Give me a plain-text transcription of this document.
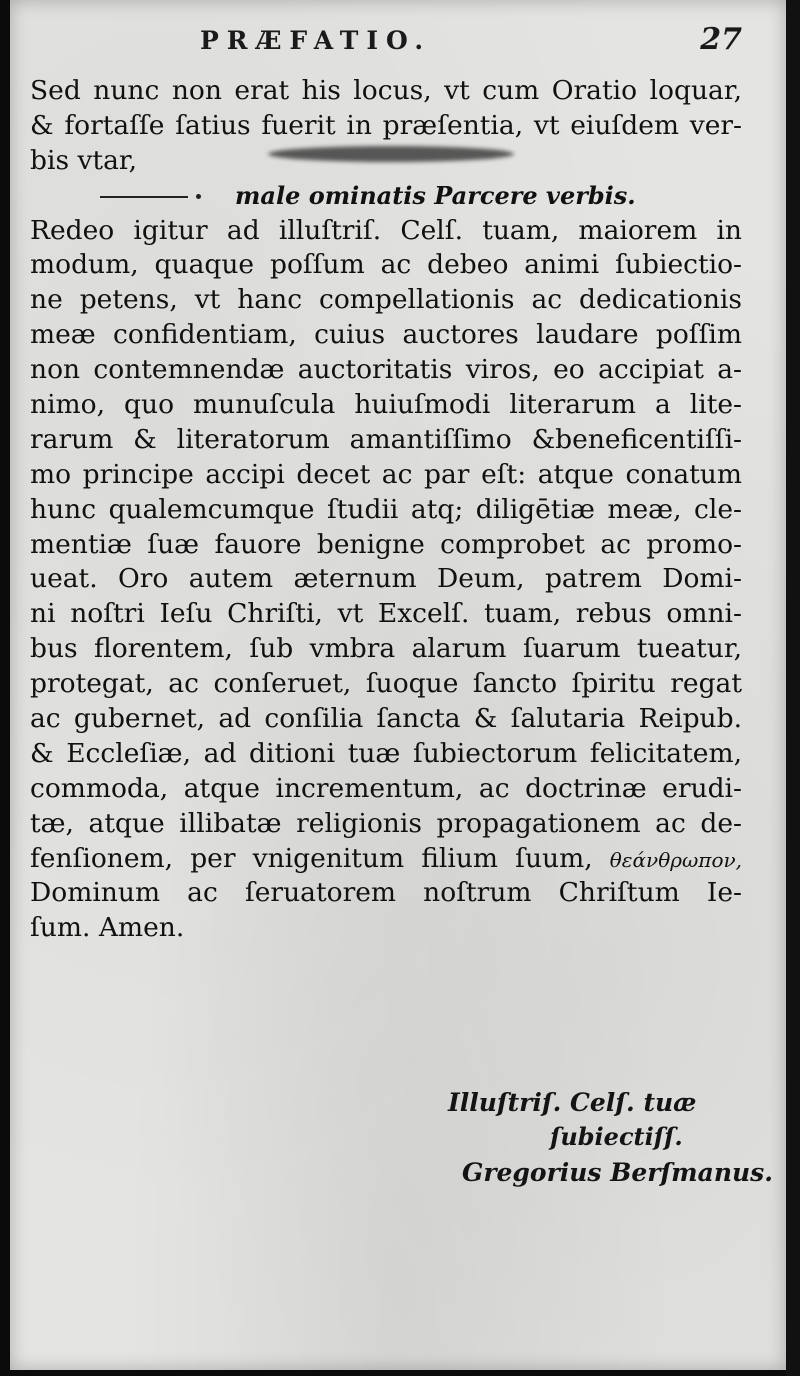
PRÆFATIO.	27
Sed nunc non erat his locus, vt cum Oratio loquar,
& fortaſſe ſatius fuerit in præſentia, vt eiuſdem ver-
bis vtar,
male ominatis Parcere verbis.
Redeo igitur ad illuſtriſ. Celſ. tuam, maiorem in
modum, quaque poſſum ac debeo animi ſubiectio-
ne petens, vt hanc compellationis ac dedicationis
meæ confidentiam, cuius auctores laudare poſſim
non contemnendæ auctoritatis viros, eo accipiat a-
nimo, quo munuſcula huiuſmodi literarum a lite-
rarum & literatorum amantiſſimo &beneficentiſſi-
mo principe accipi decet ac par eſt: atque conatum
hunc qualemcumque ſtudii atq; diligētiæ meæ, cle-
mentiæ ſuæ fauore benigne comprobet ac promo-
ueat. Oro autem æternum Deum, patrem Domi-
ni noſtri Ieſu Chriſti, vt Excelſ. tuam, rebus omni-
bus florentem, ſub vmbra alarum ſuarum tueatur,
protegat, ac conſeruet, ſuoque ſancto ſpiritu regat
ac gubernet, ad conſilia ſancta & ſalutaria Reipub.
& Eccleſiæ, ad ditioni tuæ ſubiectorum felicitatem,
commoda, atque incrementum, ac doctrinæ erudi-
tæ, atque illibatæ religionis propagationem ac de-
fenſionem, per vnigenitum filium ſuum, θεάνθρωπον,
Dominum ac ſeruatorem noſtrum Chriſtum Ie-
ſum. Amen.
Illuſtriſ. Celſ. tuæ
ſubiectiſſ.
Gregorius Berſmanus.
